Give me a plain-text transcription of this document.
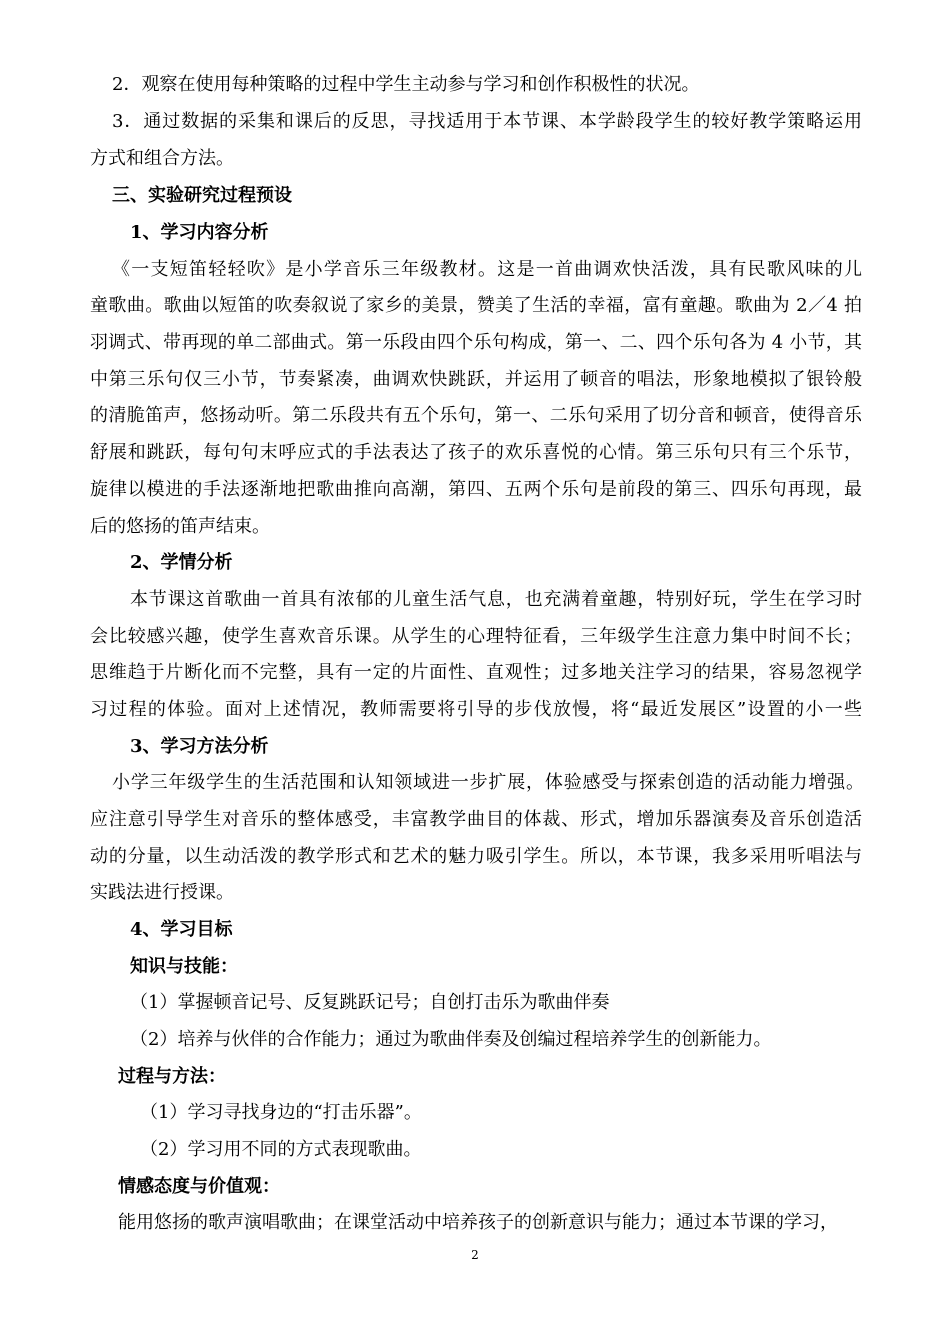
2．观察在使用每种策略的过程中学生主动参与学习和创作积极性的状况。

3．通过数据的采集和课后的反思，寻找适用于本节课、本学龄段学生的较好教学策略运用

方式和组合方法。

三、实验研究过程预设

1、学习内容分析

《一支短笛轻轻吹》是小学音乐三年级教材。这是一首曲调欢快活泼，具有民歌风味的儿

童歌曲。歌曲以短笛的吹奏叙说了家乡的美景，赞美了生活的幸福，富有童趣。歌曲为 2／4 拍

羽调式、带再现的单二部曲式。第一乐段由四个乐句构成，第一、二、四个乐句各为 4 小节，其

中第三乐句仅三小节，节奏紧凑，曲调欢快跳跃，并运用了顿音的唱法，形象地模拟了银铃般

的清脆笛声，悠扬动听。第二乐段共有五个乐句，第一、二乐句采用了切分音和顿音，使得音乐

舒展和跳跃，每句句末呼应式的手法表达了孩子的欢乐喜悦的心情。第三乐句只有三个乐节，

旋律以模进的手法逐渐地把歌曲推向高潮，第四、五两个乐句是前段的第三、四乐句再现，最

后的悠扬的笛声结束。

2、学情分析

本节课这首歌曲一首具有浓郁的儿童生活气息，也充满着童趣，特别好玩，学生在学习时

会比较感兴趣，使学生喜欢音乐课。从学生的心理特征看，三年级学生注意力集中时间不长；

思维趋于片断化而不完整，具有一定的片面性、直观性；过多地关注学习的结果，容易忽视学

习过程的体验。面对上述情况，教师需要将引导的步伐放慢，将“最近发展区”设置的小一些

3、学习方法分析

小学三年级学生的生活范围和认知领域进一步扩展，体验感受与探索创造的活动能力增强。

应注意引导学生对音乐的整体感受，丰富教学曲目的体裁、形式，增加乐器演奏及音乐创造活

动的分量，以生动活泼的教学形式和艺术的魅力吸引学生。所以，本节课，我多采用听唱法与

实践法进行授课。

4、学习目标

知识与技能：

（1）掌握顿音记号、反复跳跃记号；自创打击乐为歌曲伴奏

（2）培养与伙伴的合作能力；通过为歌曲伴奏及创编过程培养学生的创新能力。

过程与方法：

（1）学习寻找身边的“打击乐器”。

（2）学习用不同的方式表现歌曲。

情感态度与价值观：

能用悠扬的歌声演唱歌曲；在课堂活动中培养孩子的创新意识与能力；通过本节课的学习，

2
